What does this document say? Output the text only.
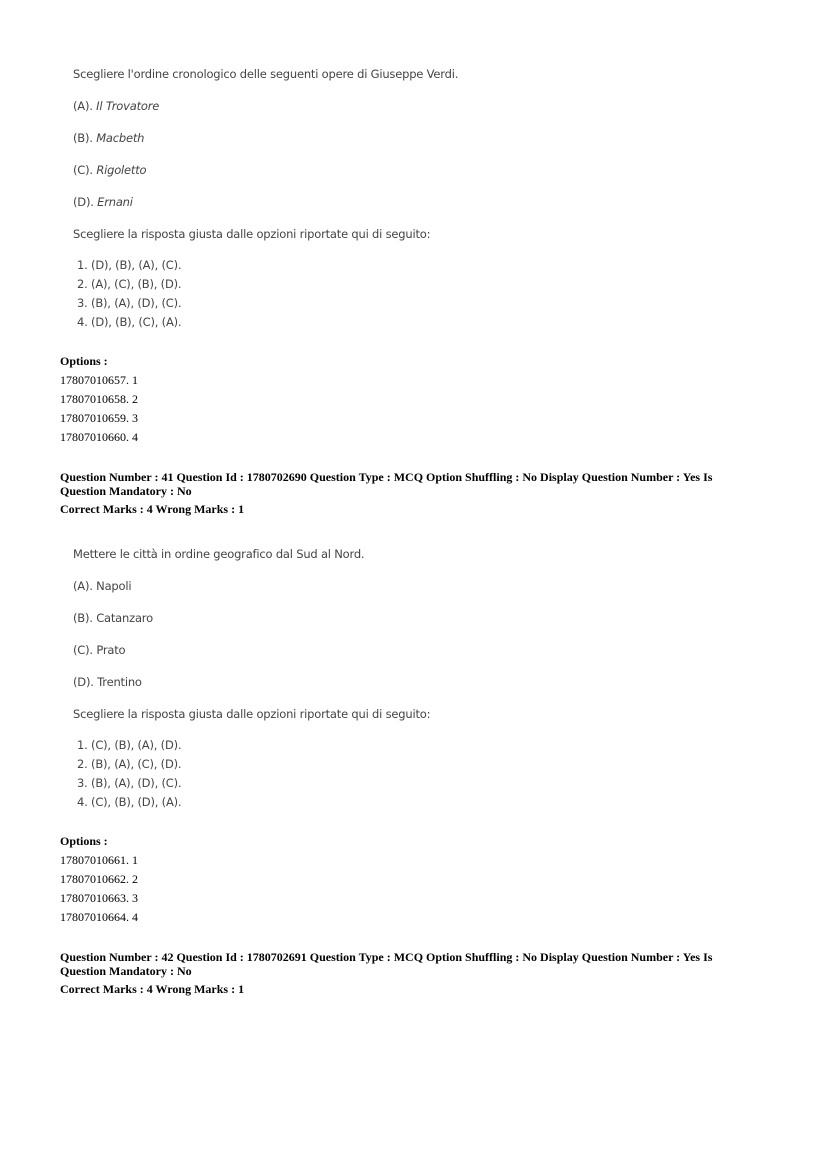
Scegliere l'ordine cronologico delle seguenti opere di Giuseppe Verdi.
(A). Il Trovatore
(B). Macbeth
(C). Rigoletto
(D). Ernani
Scegliere la risposta giusta dalle opzioni riportate qui di seguito:
1. (D), (B), (A), (C).
2. (A), (C), (B), (D).
3. (B), (A), (D), (C).
4. (D), (B), (C), (A).
Options :
17807010657. 1
17807010658. 2
17807010659. 3
17807010660. 4
Question Number : 41 Question Id : 1780702690 Question Type : MCQ Option Shuffling : No Display Question Number : Yes Is Question Mandatory : No
Correct Marks : 4 Wrong Marks : 1
Mettere le città in ordine geografico dal Sud al Nord.
(A). Napoli
(B). Catanzaro
(C). Prato
(D). Trentino
Scegliere la risposta giusta dalle opzioni riportate qui di seguito:
1. (C), (B), (A), (D).
2. (B), (A), (C), (D).
3. (B), (A), (D), (C).
4. (C), (B), (D), (A).
Options :
17807010661. 1
17807010662. 2
17807010663. 3
17807010664. 4
Question Number : 42 Question Id : 1780702691 Question Type : MCQ Option Shuffling : No Display Question Number : Yes Is Question Mandatory : No
Correct Marks : 4 Wrong Marks : 1
